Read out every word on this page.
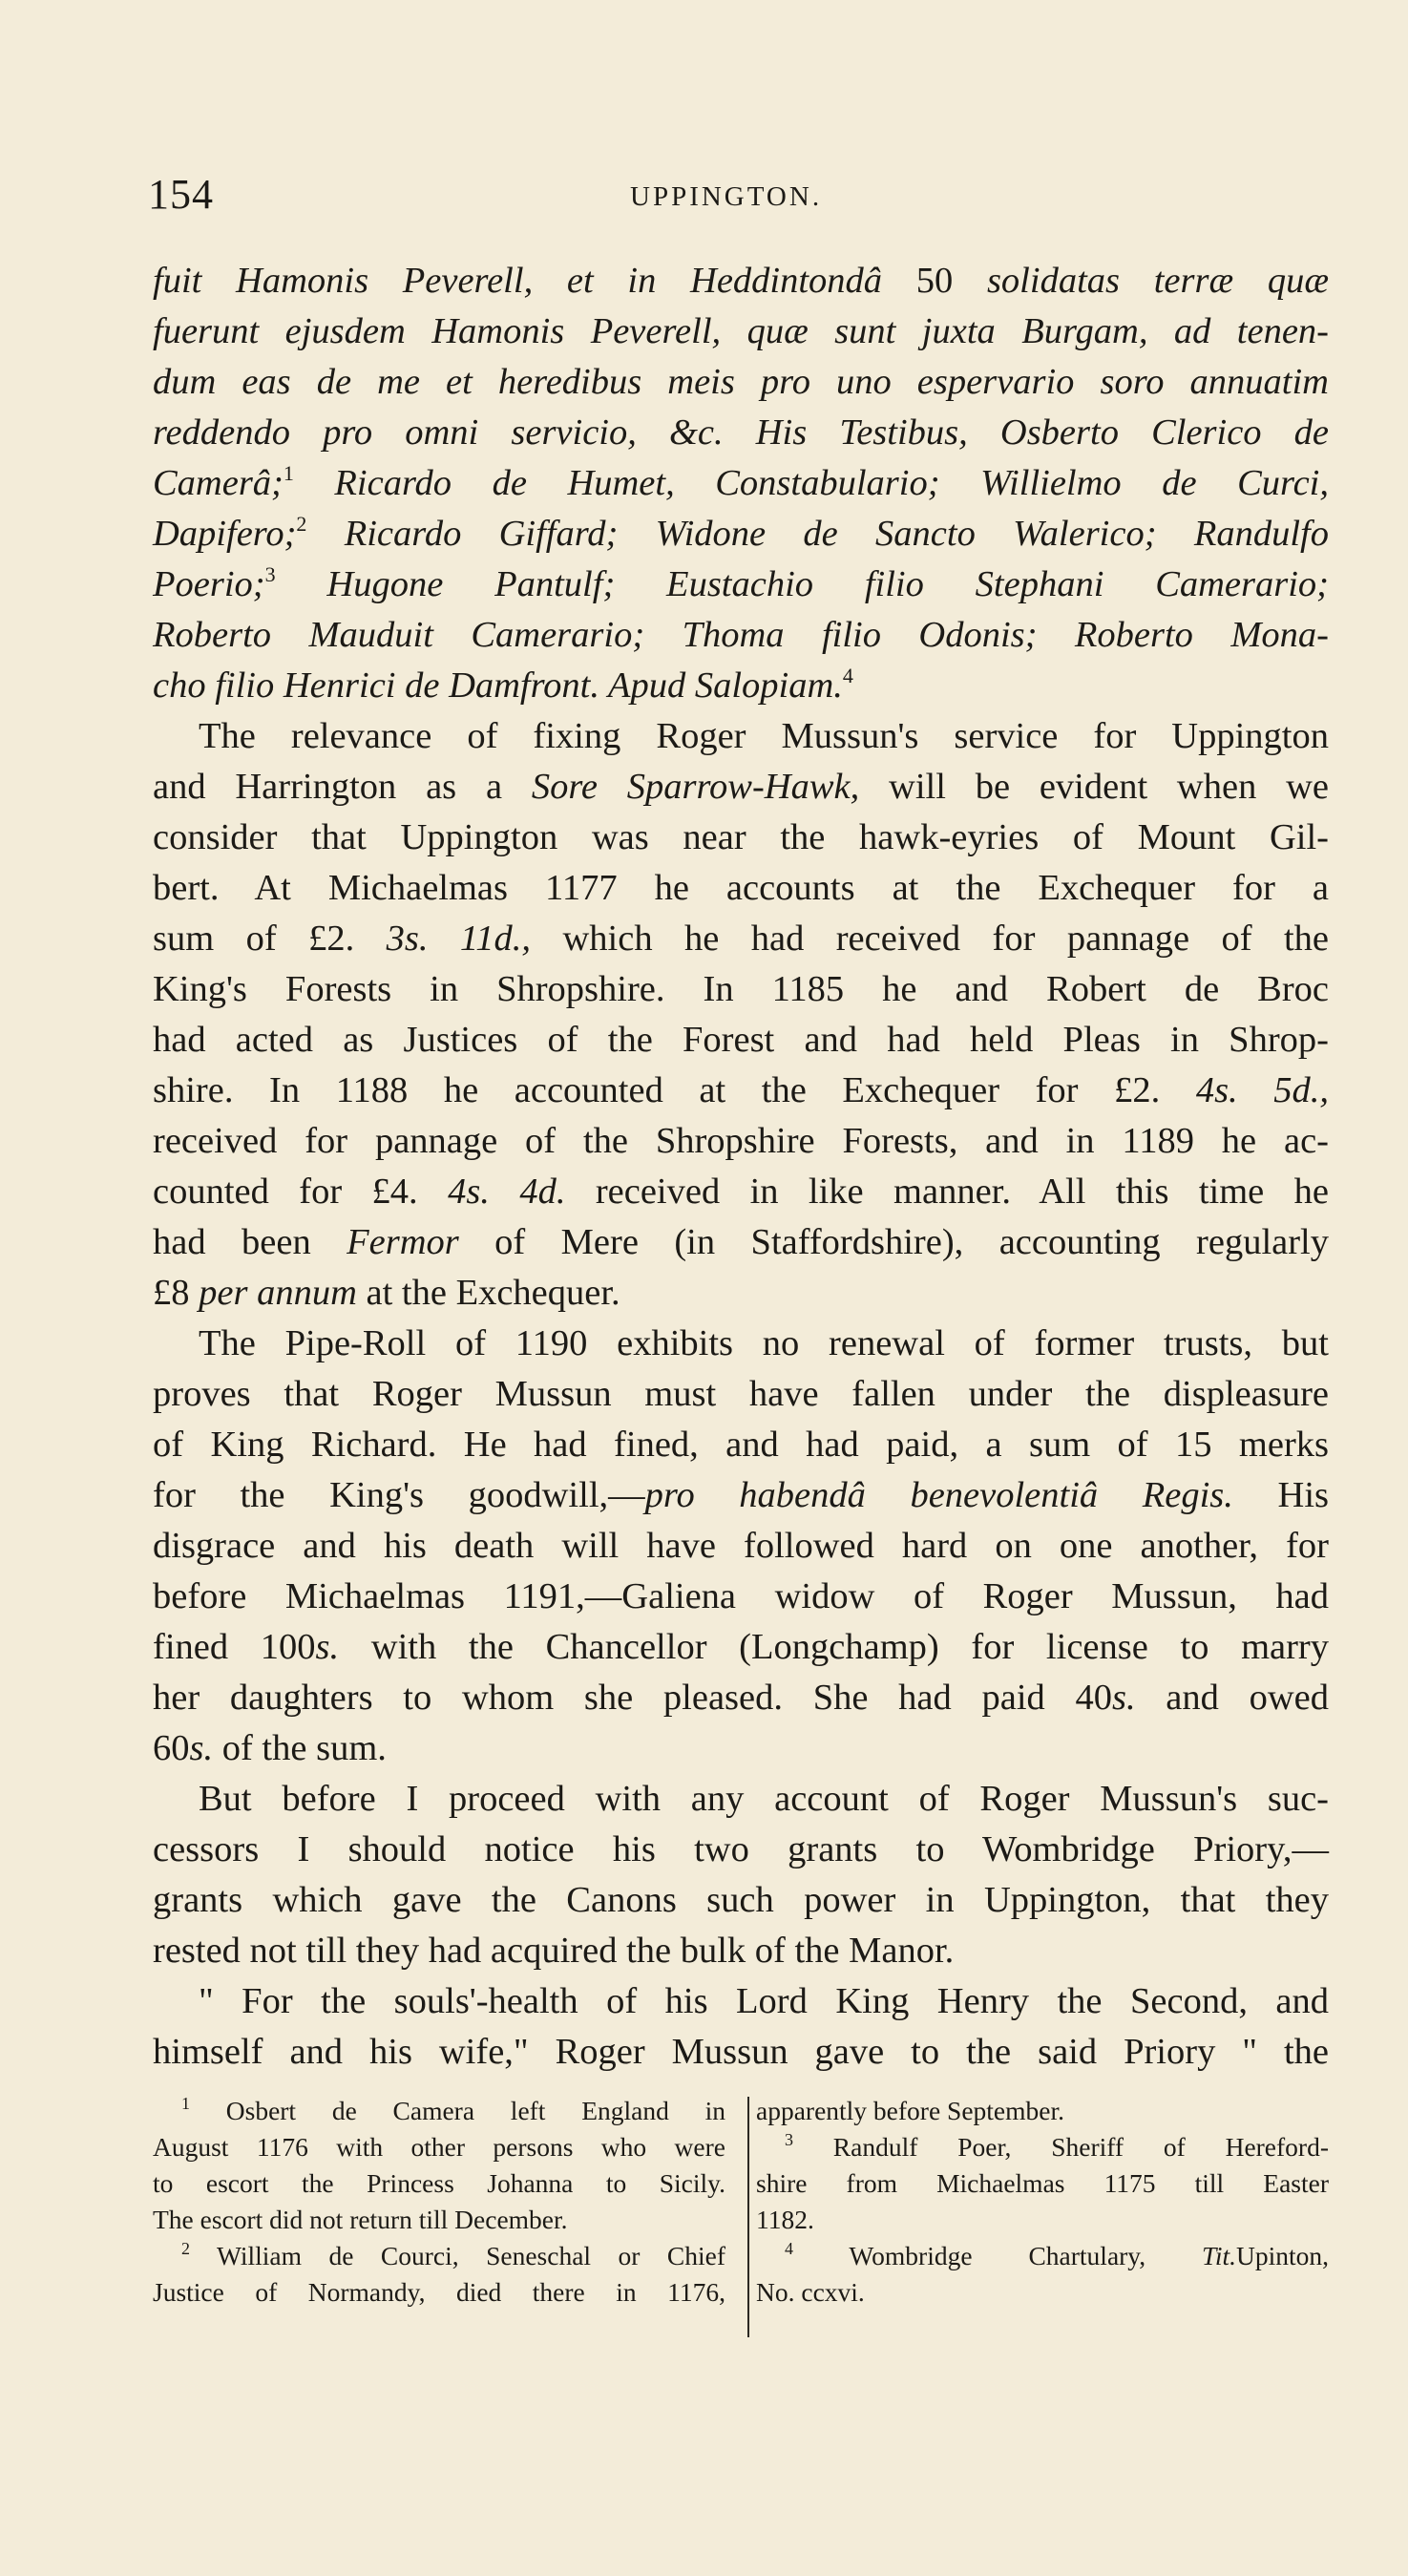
154	UPPINGTON.
fuit Hamonis Peverell, et in Heddintondâ 50 solidatas terræ quæ
fuerunt ejusdem Hamonis Peverell, quæ sunt juxta Burgam, ad tenen-
dum eas de me et heredibus meis pro uno espervario soro annuatim
reddendo pro omni servicio, &c. His Testibus, Osberto Clerico de
Camerâ;$^1$ Ricardo de Humet, Constabulario; Willielmo de Curci,
Dapifero;$^2$ Ricardo Giffard; Widone de Sancto Walerico; Randulfo
Poerio;$^3$ Hugone Pantulf; Eustachio filio Stephani Camerario;
Roberto Mauduit Camerario; Thoma filio Odonis; Roberto Mona-
cho filio Henrici de Damfront. Apud Salopiam.$^4$
The relevance of fixing Roger Mussun's service for Uppington
and Harrington as a Sore Sparrow-Hawk, will be evident when we
consider that Uppington was near the hawk-eyries of Mount Gil-
bert. At Michaelmas 1177 he accounts at the Exchequer for a
sum of £2. 3s. 11d., which he had received for pannage of the
King's Forests in Shropshire. In 1185 he and Robert de Broc
had acted as Justices of the Forest and had held Pleas in Shrop-
shire. In 1188 he accounted at the Exchequer for £2. 4s. 5d.,
received for pannage of the Shropshire Forests, and in 1189 he ac-
counted for £4. 4s. 4d. received in like manner. All this time he
had been Fermor of Mere (in Staffordshire), accounting regularly
£8 per annum at the Exchequer.
The Pipe-Roll of 1190 exhibits no renewal of former trusts, but
proves that Roger Mussun must have fallen under the displeasure
of King Richard. He had fined, and had paid, a sum of 15 merks
for the King's goodwill,—pro habendâ benevolentiâ Regis. His
disgrace and his death will have followed hard on one another, for
before Michaelmas 1191,—Galiena widow of Roger Mussun, had
fined 100s. with the Chancellor (Longchamp) for license to marry
her daughters to whom she pleased. She had paid 40s. and owed
60s. of the sum.
But before I proceed with any account of Roger Mussun's suc-
cessors I should notice his two grants to Wombridge Priory,—
grants which gave the Canons such power in Uppington, that they
rested not till they had acquired the bulk of the Manor.
" For the souls'-health of his Lord King Henry the Second, and
himself and his wife," Roger Mussun gave to the said Priory " the
$^1$ Osbert de Camera left England in
August 1176 with other persons who were
to escort the Princess Johanna to Sicily.
The escort did not return till December.
$^2$ William de Courci, Seneschal or Chief
Justice of Normandy, died there in 1176,
apparently before September.
$^3$ Randulf Poer, Sheriff of Hereford-
shire from Michaelmas 1175 till Easter
1182.
$^4$ Wombridge Chartulary, Tit.Upinton,
No. ccxvi.
